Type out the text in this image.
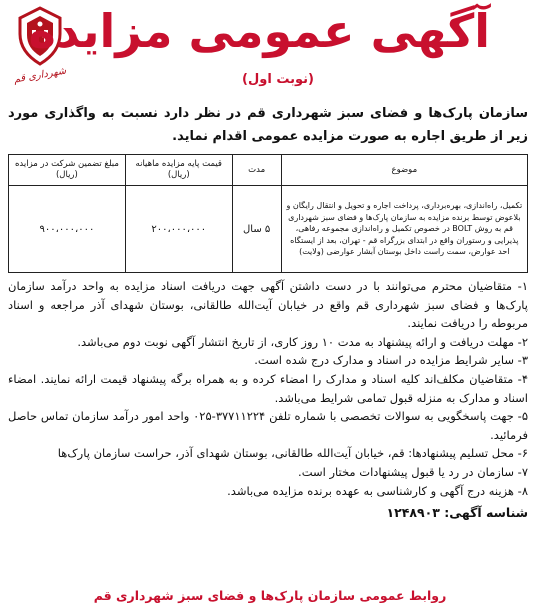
شهرداری قم
آگهی عمومی مزایده
(نوبت اول)

سازمان پارک‌ها و فضای سبز شهرداری قم در نظر دارد نسبت به واگذاری مورد زیر از طریق اجاره به صورت مزایده عمومی اقدام نماید.

موضوع	مدت	قیمت پایه مزایده ماهیانه (ریال)	مبلغ تضمین شرکت در مزایده (ریال)
تکمیل، راه‌اندازی، بهره‌برداری، پرداخت اجاره و تحویل و انتقال رایگان و بلاعوض توسط برنده مزایده به سازمان پارک‌ها و فضای سبز شهرداری قم به روش BOLT در خصوص تکمیل و راه‌اندازی مجموعه رفاهی، پذیرایی و رستوران واقع در ابتدای بزرگراه قم - تهران، بعد از ایستگاه احد عوارض، سمت راست داخل بوستان آبشار عوارضی (ولایت)	۵ سال	۲۰۰،۰۰۰،۰۰۰	۹۰۰،۰۰۰،۰۰۰
۱- متقاضیان محترم می‌توانند با در دست داشتن آگهی جهت دریافت اسناد مزایده به واحد درآمد سازمان پارک‌ها و فضای سبز شهرداری قم واقع در خیابان آیت‌الله طالقانی، بوستان شهدای آذر مراجعه و اسناد مربوطه را دریافت نمایند.
۲- مهلت دریافت و ارائه پیشنهاد به مدت ۱۰ روز کاری، از تاریخ انتشار آگهی نوبت دوم می‌باشد.
۳- سایر شرایط مزایده در اسناد و مدارک درج شده است.
۴- متقاضیان مکلف‌اند کلیه اسناد و مدارک را امضاء کرده و به همراه برگه پیشنهاد قیمت ارائه نمایند. امضاء اسناد و مدارک به منزله قبول تمامی شرایط می‌باشد.
۵- جهت پاسخگویی به سوالات تخصصی با شماره تلفن ۳۷۷۱۱۲۲۴-۰۲۵ واحد امور درآمد سازمان تماس حاصل فرمائید.
۶- محل تسلیم پیشنهادها: قم، خیابان آیت‌الله طالقانی، بوستان شهدای آذر، حراست سازمان پارک‌ها
۷- سازمان در رد یا قبول پیشنهادات مختار است.
۸- هزینه درج آگهی و کارشناسی به عهده برنده مزایده می‌باشد.
شناسه آگهی: ۱۲۴۸۹۰۳
روابط عمومی سازمان پارک‌ها و فضای سبز شهرداری قم
